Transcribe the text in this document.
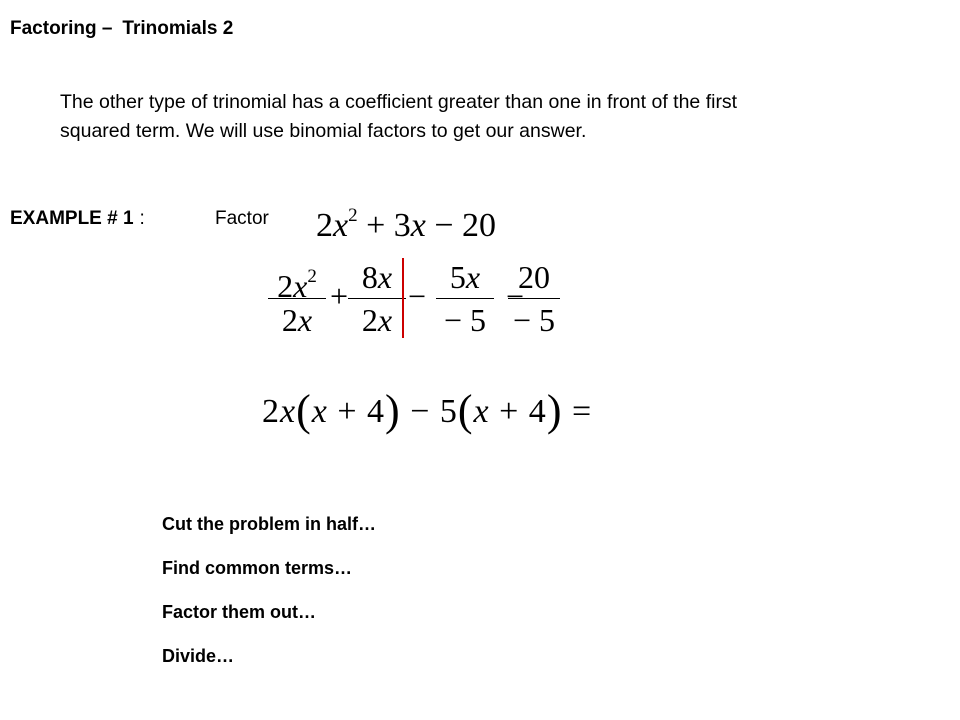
Factoring – Trinomials 2
The other type of trinomial has a coefficient greater than one in front of the first
squared term. We will use binomial factors to get our answer.
EXAMPLE # 1 :	Factor $2x^2 + 3x - 20$
$2x^2$
2x
+
8x
2x
−
5x
− 5
−
20
− 5
2x(x + 4) − 5(x + 4) =
Cut the problem in half…
Find common terms…
Factor them out…
Divide…
